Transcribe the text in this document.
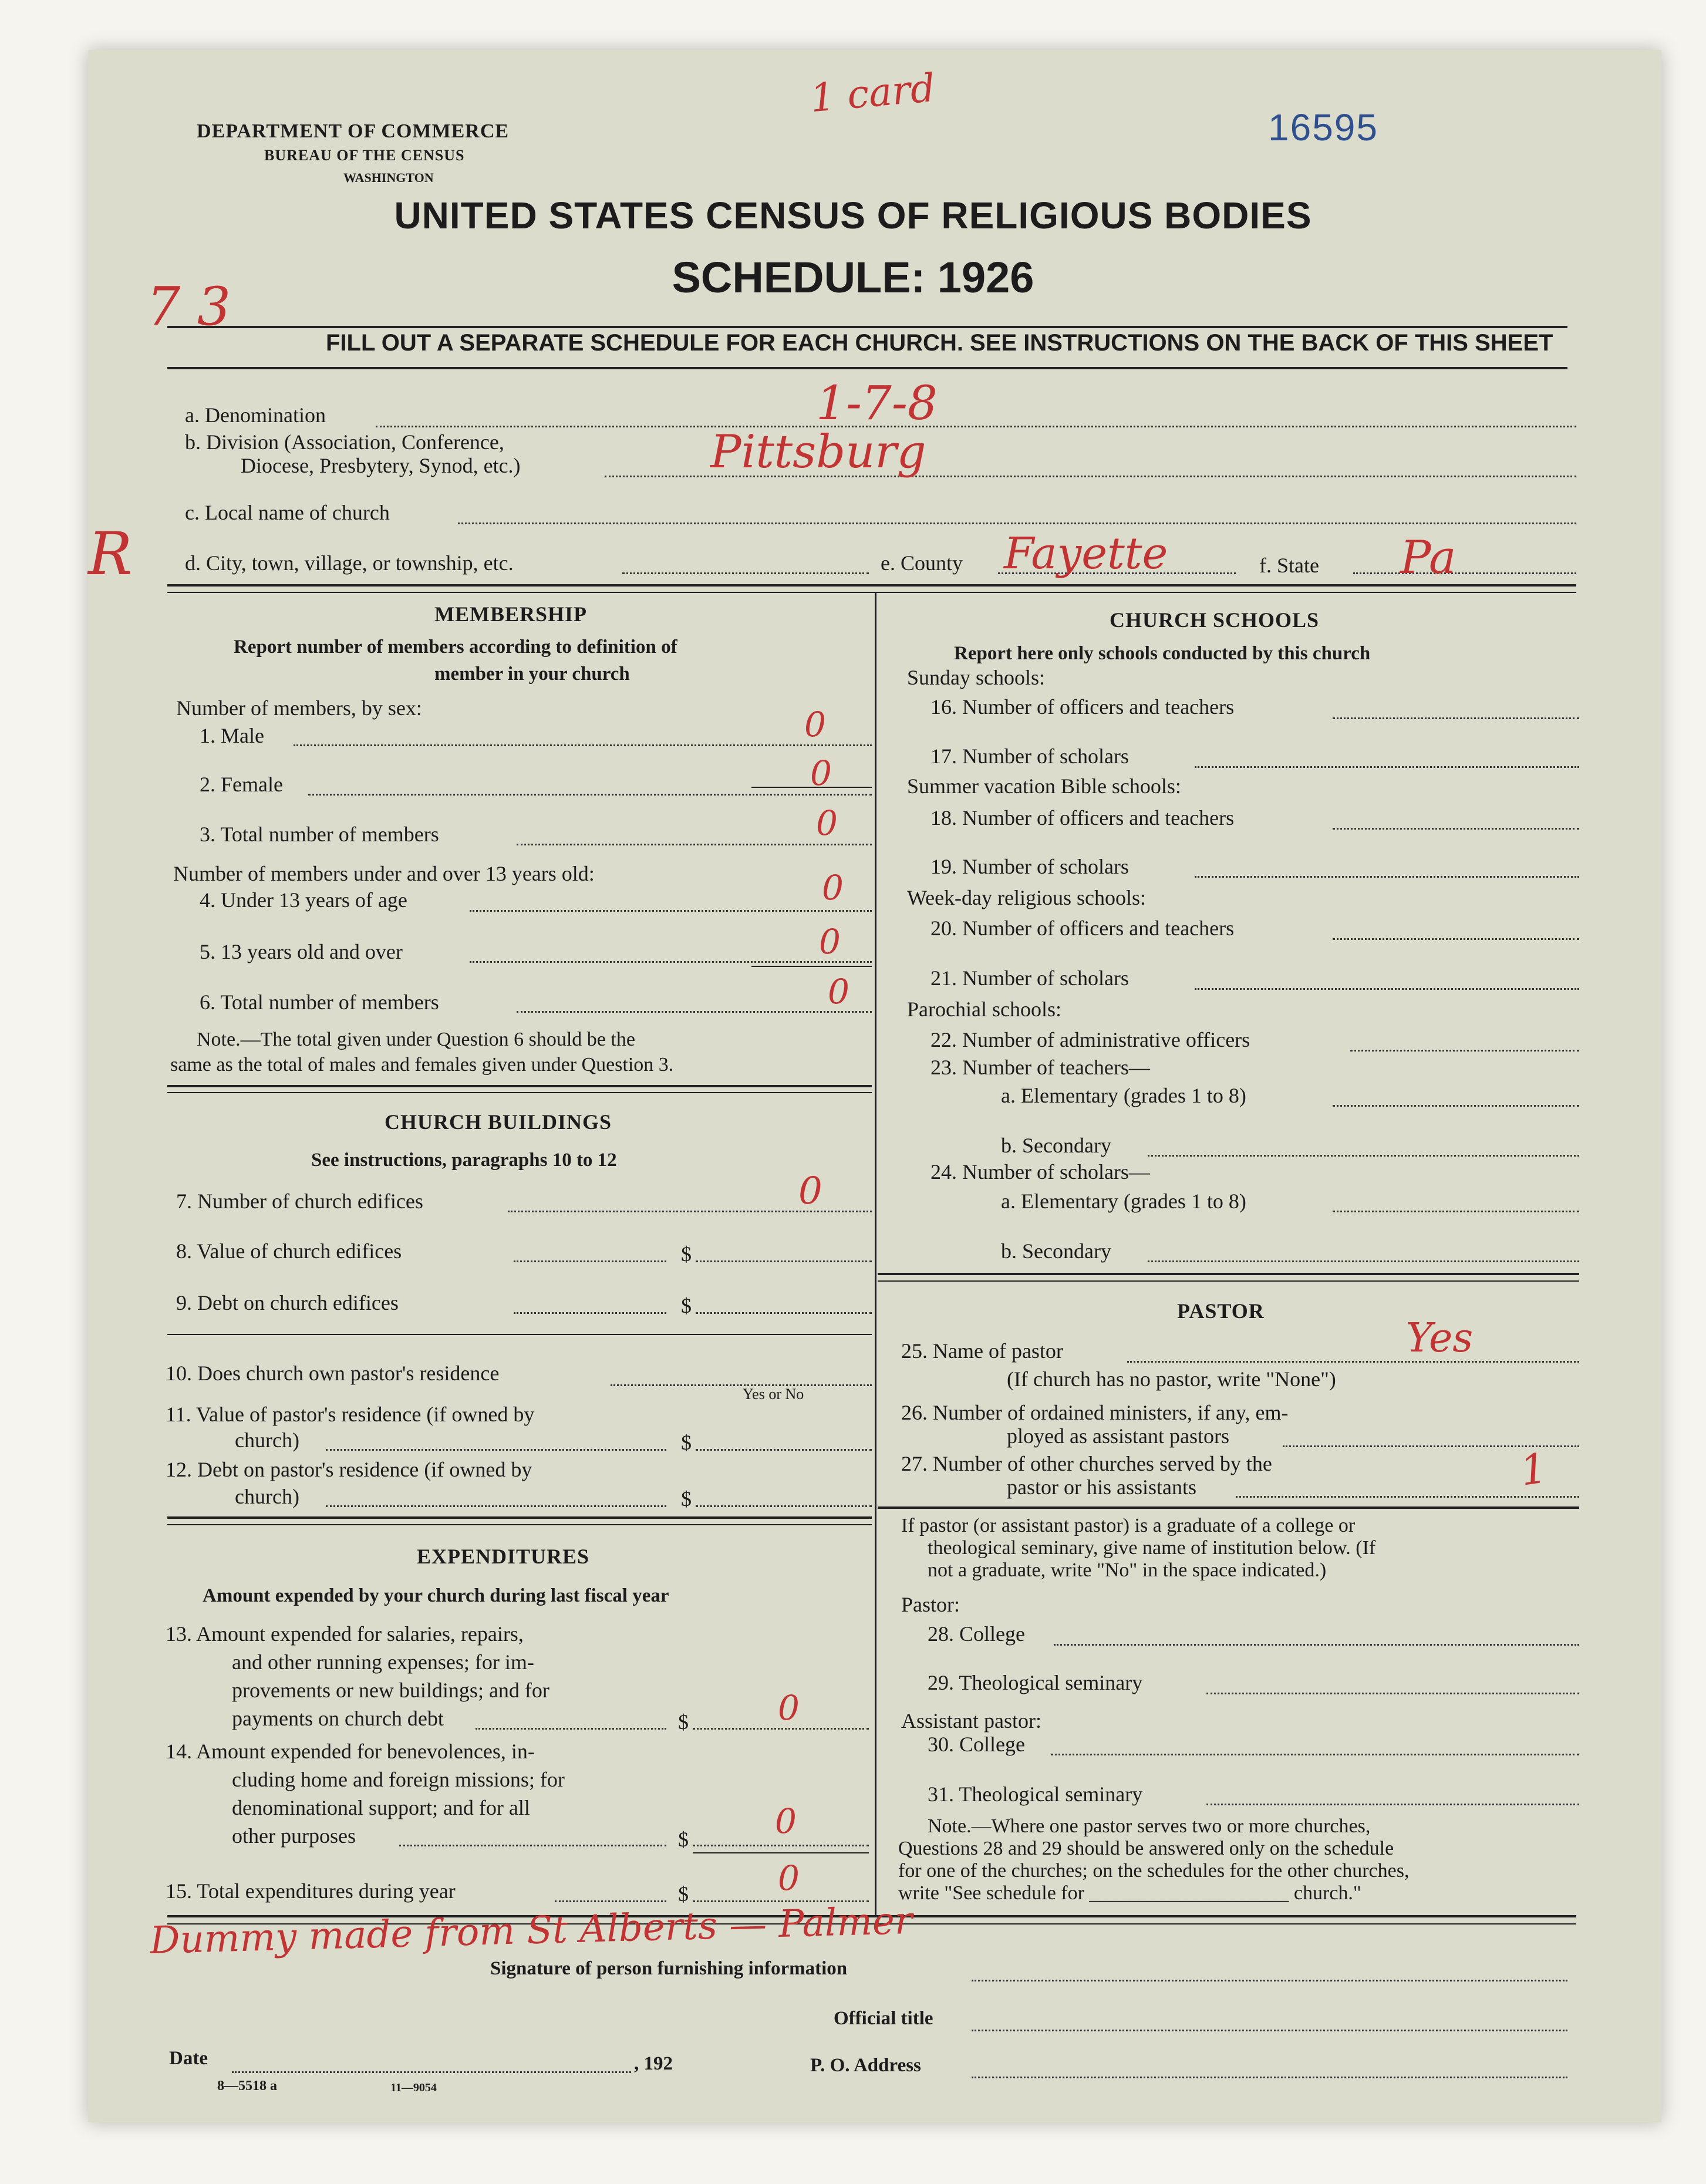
DEPARTMENT OF COMMERCE
BUREAU OF THE CENSUS
WASHINGTON
16595
1 card
UNITED STATES CENSUS OF RELIGIOUS BODIES
SCHEDULE: 1926
7 3
FILL OUT A SEPARATE SCHEDULE FOR EACH CHURCH. SEE INSTRUCTIONS ON THE BACK OF THIS SHEET
a. Denomination	1-7-8
b. Division (Association, Conference,
Diocese, Presbytery, Synod, etc.)	Pittsburg
c. Local name of church
R d. City, town, village, or township, etc.	e. County Fayette	f. State Pa
MEMBERSHIP
Report number of members according to definition of
member in your church
Number of members, by sex:
1. Male	0
2. Female	0
3. Total number of members	0
Number of members under and over 13 years old:
4. Under 13 years of age	0
5. 13 years old and over	0
6. Total number of members	0
Note.—The total given under Question 6 should be the
same as the total of males and females given under Question 3.
CHURCH BUILDINGS
See instructions, paragraphs 10 to 12
7. Number of church edifices	0
8. Value of church edifices	$
9. Debt on church edifices	$
10. Does church own pastor's residence
Yes or No
11. Value of pastor's residence (if owned by
church)	$
12. Debt on pastor's residence (if owned by
church)	$
EXPENDITURES
Amount expended by your church during last fiscal year
13. Amount expended for salaries, repairs,
and other running expenses; for im-
provements or new buildings; and for
payments on church debt	$	0
14. Amount expended for benevolences, in-
cluding home and foreign missions; for
denominational support; and for all
other purposes	$	0
15. Total expenditures during year	$	0
CHURCH SCHOOLS
Report here only schools conducted by this church
Sunday schools:
16. Number of officers and teachers
17. Number of scholars
Summer vacation Bible schools:
18. Number of officers and teachers
19. Number of scholars
Week-day religious schools:
20. Number of officers and teachers
21. Number of scholars
Parochial schools:
22. Number of administrative officers
23. Number of teachers—
a. Elementary (grades 1 to 8)
b. Secondary
24. Number of scholars—
a. Elementary (grades 1 to 8)
b. Secondary
PASTOR
25. Name of pastor	Yes
(If church has no pastor, write "None")
26. Number of ordained ministers, if any, em-
ployed as assistant pastors
27. Number of other churches served by the
pastor or his assistants	1
If pastor (or assistant pastor) is a graduate of a college or
theological seminary, give name of institution below. (If
not a graduate, write "No" in the space indicated.)
Pastor:
28. College
29. Theological seminary
Assistant pastor:
30. College
31. Theological seminary
Note.—Where one pastor serves two or more churches,
Questions 28 and 29 should be answered only on the schedule
for one of the churches; on the schedules for the other churches,
write "See schedule for ____________________ church."
Dummy made from St Alberts — Palmer
Signature of person furnishing information
Official title
Date	, 192	P. O. Address
8—5518 a	11—9054
